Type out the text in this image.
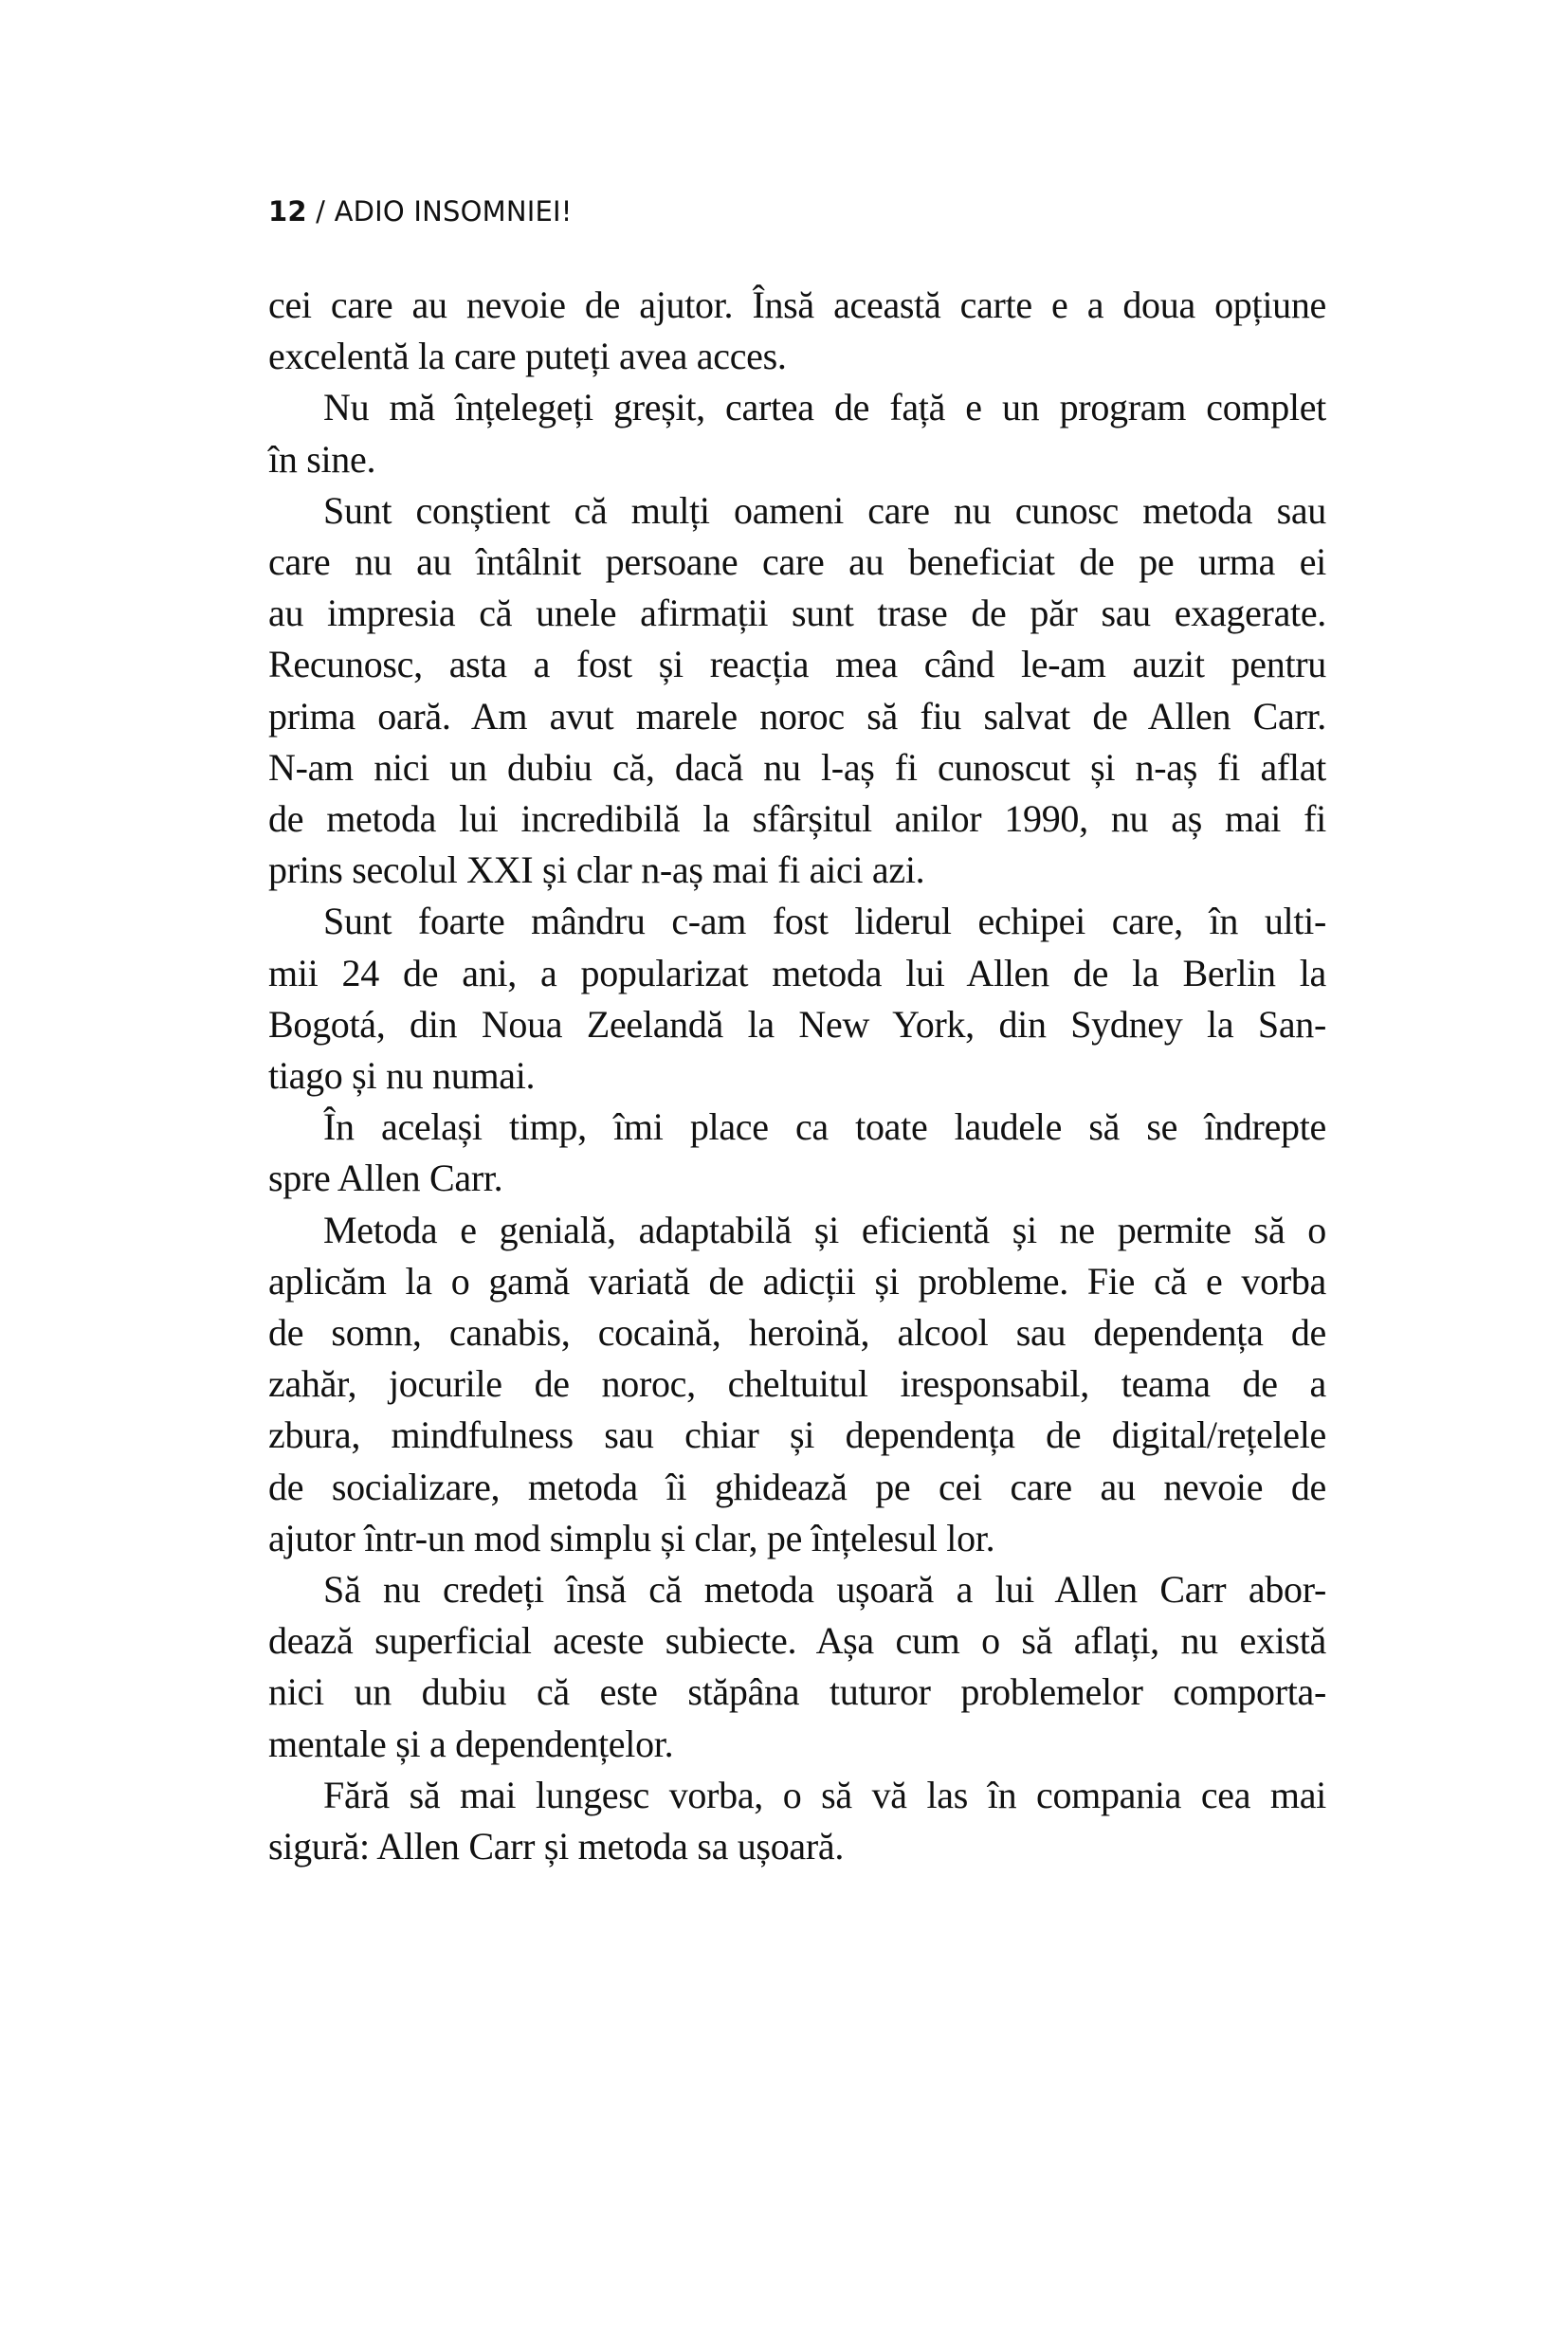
12 / ADIO INSOMNIEI!
cei care au nevoie de ajutor. Însă această carte e a doua opțiune
excelentă la care puteți avea acces.
Nu mă înțelegeți greșit, cartea de față e un program complet
în sine.
Sunt conștient că mulți oameni care nu cunosc metoda sau
care nu au întâlnit persoane care au beneficiat de pe urma ei
au impresia că unele afirmații sunt trase de păr sau exagerate.
Recunosc, asta a fost și reacția mea când le-am auzit pentru
prima oară. Am avut marele noroc să fiu salvat de Allen Carr.
N-am nici un dubiu că, dacă nu l-aș fi cunoscut și n-aș fi aflat
de metoda lui incredibilă la sfârșitul anilor 1990, nu aș mai fi
prins secolul XXI și clar n-aș mai fi aici azi.
Sunt foarte mândru c-am fost liderul echipei care, în ulti-
mii 24 de ani, a popularizat metoda lui Allen de la Berlin la
Bogotá, din Noua Zeelandă la New York, din Sydney la San-
tiago și nu numai.
În același timp, îmi place ca toate laudele să se îndrepte
spre Allen Carr.
Metoda e genială, adaptabilă și eficientă și ne permite să o
aplicăm la o gamă variată de adicții și probleme. Fie că e vorba
de somn, canabis, cocaină, heroină, alcool sau dependența de
zahăr, jocurile de noroc, cheltuitul iresponsabil, teama de a
zbura, mindfulness sau chiar și dependența de digital/rețelele
de socializare, metoda îi ghidează pe cei care au nevoie de
ajutor într-un mod simplu și clar, pe înțelesul lor.
Să nu credeți însă că metoda ușoară a lui Allen Carr abor-
dează superficial aceste subiecte. Așa cum o să aflați, nu există
nici un dubiu că este stăpâna tuturor problemelor comporta-
mentale și a dependențelor.
Fără să mai lungesc vorba, o să vă las în compania cea mai
sigură: Allen Carr și metoda sa ușoară.
